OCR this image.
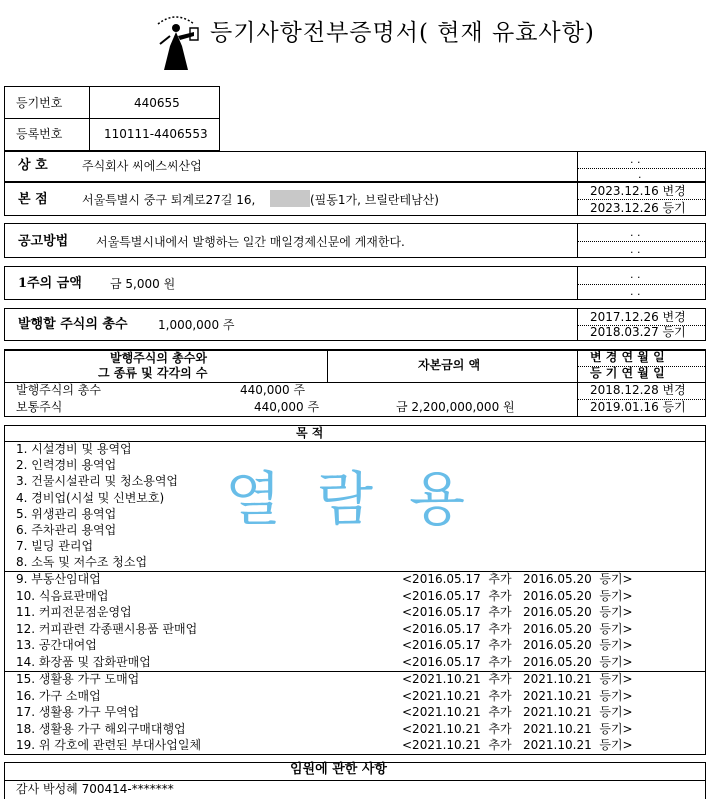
등기사항전부증명서( 현재 유효사항)
등기번호	440655
등록번호	110111-4406553
상 호	주식회사 씨에스씨산업	. .
.
본 점	서울특별시 중구 퇴계로27길 16,	(필동1가, 브릴란테남산)
2023.12.16 변경
2023.12.26 등기
공고방법 서울특별시내에서 발행하는 일간 매일경제신문에 게재한다.
. .
. .
1주의 금액 금 5,000 원
. .
. .
발행할 주식의 총수	1,000,000 주
2017.12.26 변경
2018.03.27 등기
발행주식의 총수와
그 종류 및 각각의 수
자본금의 액
변 경 연 월 일
등 기 연 월 일
발행주식의 총수	440,000 주
보통주식	440,000 주	금 2,200,000,000 원
2018.12.28 변경
2019.01.16 등기
목 적
1. 시설경비 및 용역업
2. 인력경비 용역업
3. 건물시설관리 및 청소용역업
4. 경비업(시설 및 신변보호)
5. 위생관리 용역업
6. 주차관리 용역업
7. 빌딩 관리업
8. 소독 및 저수조 청소업
9. 부동산임대업	<2016.05.17  추가   2016.05.20  등기>
10. 식음료판매업	<2016.05.17  추가   2016.05.20  등기>
11. 커피전문점운영업	<2016.05.17  추가   2016.05.20  등기>
12. 커피관련 각종팬시용품 판매업	<2016.05.17  추가   2016.05.20  등기>
13. 공간대여업	<2016.05.17  추가   2016.05.20  등기>
14. 화장품 및 잡화판매업	<2016.05.17  추가   2016.05.20  등기>
15. 생활용 가구 도매업	<2021.10.21  추가   2021.10.21  등기>
16. 가구 소매업	<2021.10.21  추가   2021.10.21  등기>
17. 생활용 가구 무역업	<2021.10.21  추가   2021.10.21  등기>
18. 생활용 가구 해외구매대행업	<2021.10.21  추가   2021.10.21  등기>
19. 위 각호에 관련된 부대사업일체	<2021.10.21  추가   2021.10.21  등기>
열람용
임원에 관한 사항
감사 박성혜 700414-*******
